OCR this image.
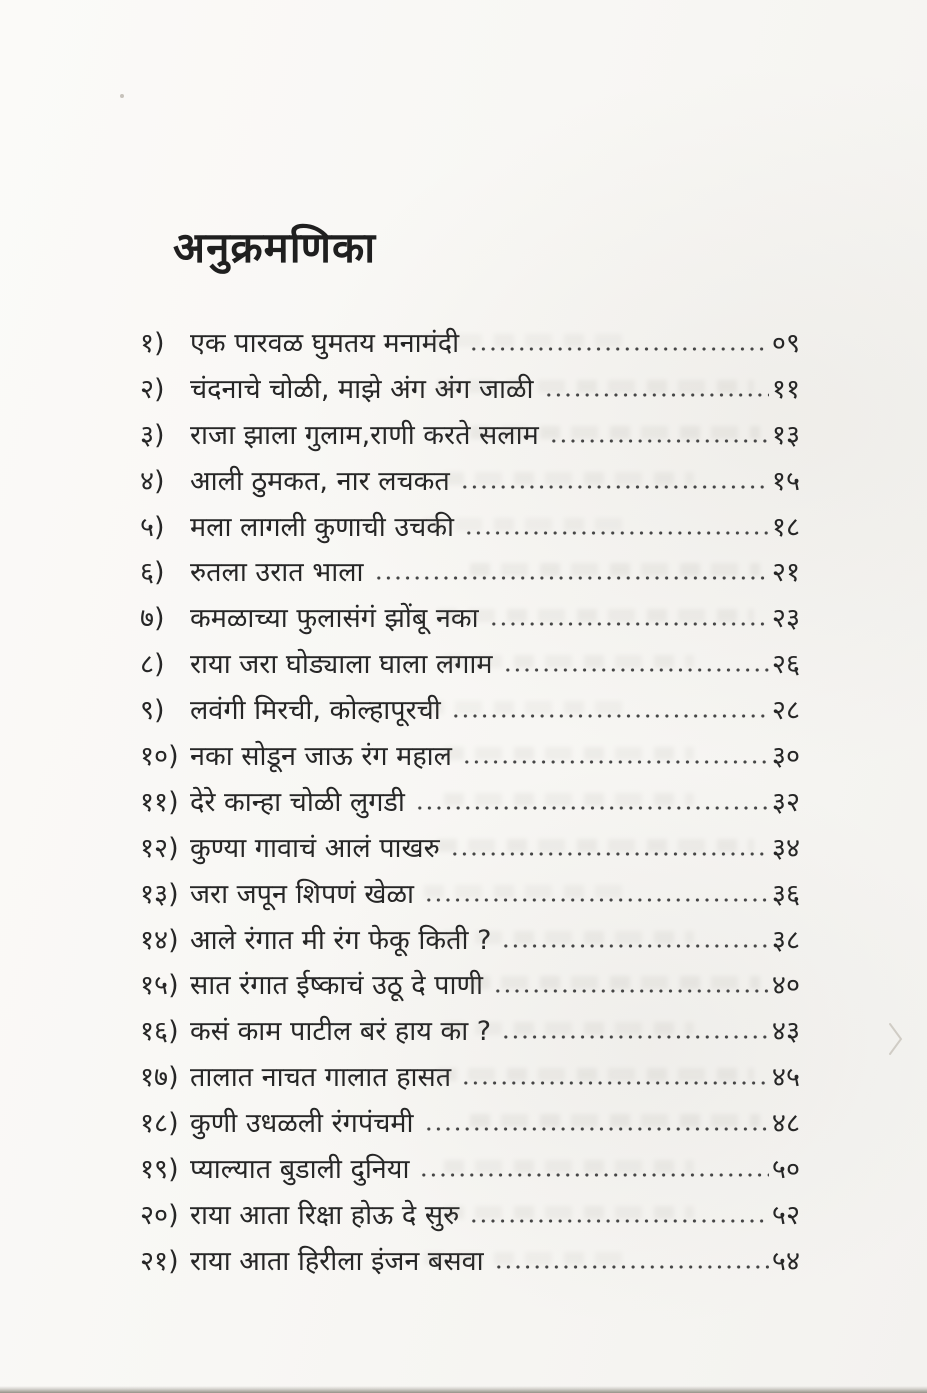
अनुक्रमणिका
१) एक पारवळ घुमतय मनामंदी	०९
२) चंदनाचे चोळी, माझे अंग अंग जाळी	११
३) राजा झाला गुलाम,राणी करते सलाम	१३
४) आली ठुमकत, नार लचकत	१५
५) मला लागली कुणाची उचकी	१८
६) रुतला उरात भाला	२१
७) कमळाच्या फुलासंगं झोंबू नका	२३
८) राया जरा घोड्याला घाला लगाम	२६
९) लवंगी मिरची, कोल्हापूरची	२८
१०) नका सोडून जाऊ रंग महाल	३०
११) देरे कान्हा चोळी लुगडी	३२
१२) कुण्या गावाचं आलं पाखरु	३४
१३) जरा जपून शिपणं खेळा	३६
१४) आले रंगात मी रंग फेकू किती ?	३८
१५) सात रंगात ईष्काचं उठू दे पाणी	४०
१६) कसं काम पाटील बरं हाय का ?	४३
१७) तालात नाचत गालात हासत	४५
१८) कुणी उधळली रंगपंचमी	४८
१९) प्याल्यात बुडाली दुनिया	५०
२०) राया आता रिक्षा होऊ दे सुरु	५२
२१) राया आता हिरीला इंजन बसवा	५४
